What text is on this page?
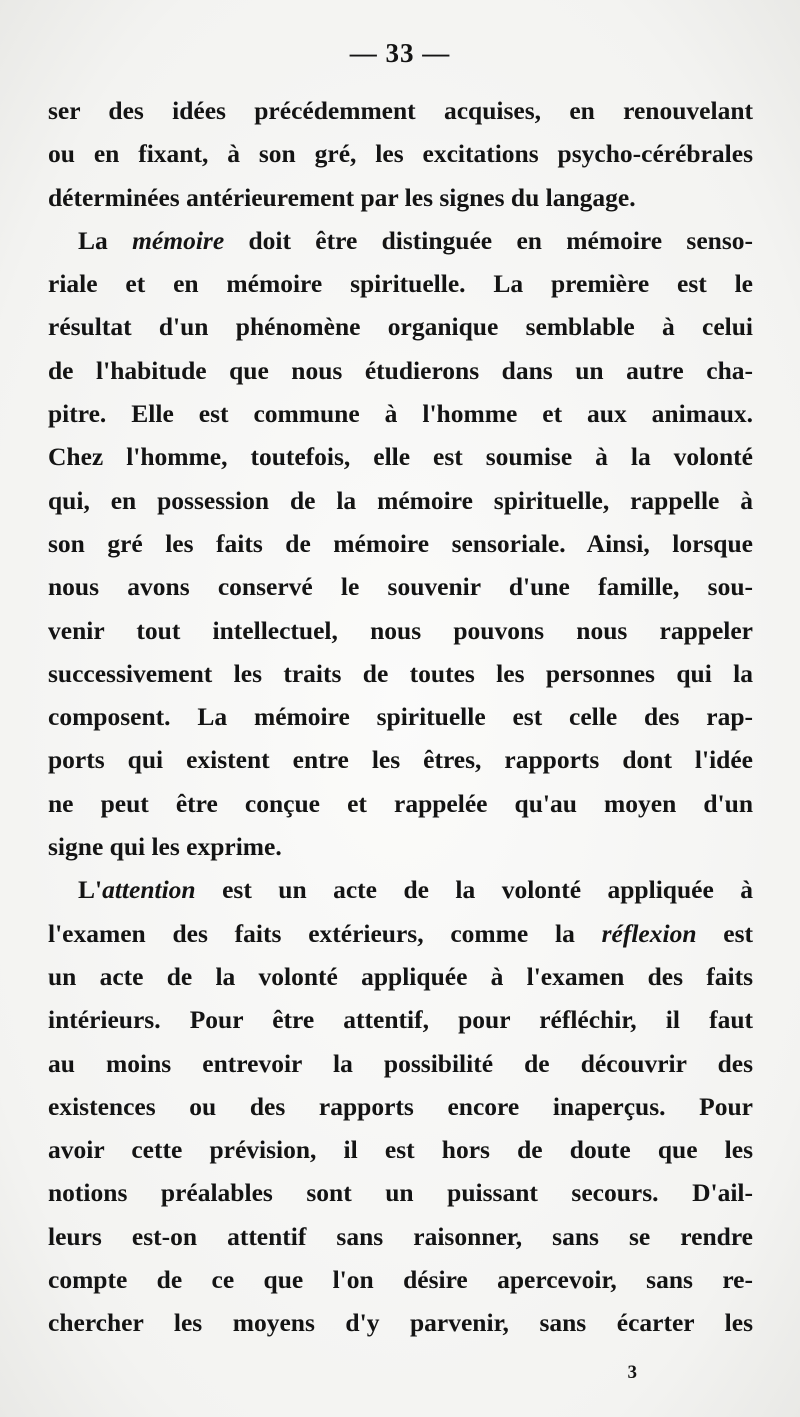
— 33 —
ser des idées précédemment acquises, en renouvelant
ou en fixant, à son gré, les excitations psycho-cérébrales
déterminées antérieurement par les signes du langage.
La mémoire doit être distinguée en mémoire senso-
riale et en mémoire spirituelle. La première est le
résultat d'un phénomène organique semblable à celui
de l'habitude que nous étudierons dans un autre cha-
pitre. Elle est commune à l'homme et aux animaux.
Chez l'homme, toutefois, elle est soumise à la volonté
qui, en possession de la mémoire spirituelle, rappelle à
son gré les faits de mémoire sensoriale. Ainsi, lorsque
nous avons conservé le souvenir d'une famille, sou-
venir tout intellectuel, nous pouvons nous rappeler
successivement les traits de toutes les personnes qui la
composent. La mémoire spirituelle est celle des rap-
ports qui existent entre les êtres, rapports dont l'idée
ne peut être conçue et rappelée qu'au moyen d'un
signe qui les exprime.
L'attention est un acte de la volonté appliquée à
l'examen des faits extérieurs, comme la réflexion est
un acte de la volonté appliquée à l'examen des faits
intérieurs. Pour être attentif, pour réfléchir, il faut
au moins entrevoir la possibilité de découvrir des
existences ou des rapports encore inaperçus. Pour
avoir cette prévision, il est hors de doute que les
notions préalables sont un puissant secours. D'ail-
leurs est-on attentif sans raisonner, sans se rendre
compte de ce que l'on désire apercevoir, sans re-
chercher les moyens d'y parvenir, sans écarter les
3
